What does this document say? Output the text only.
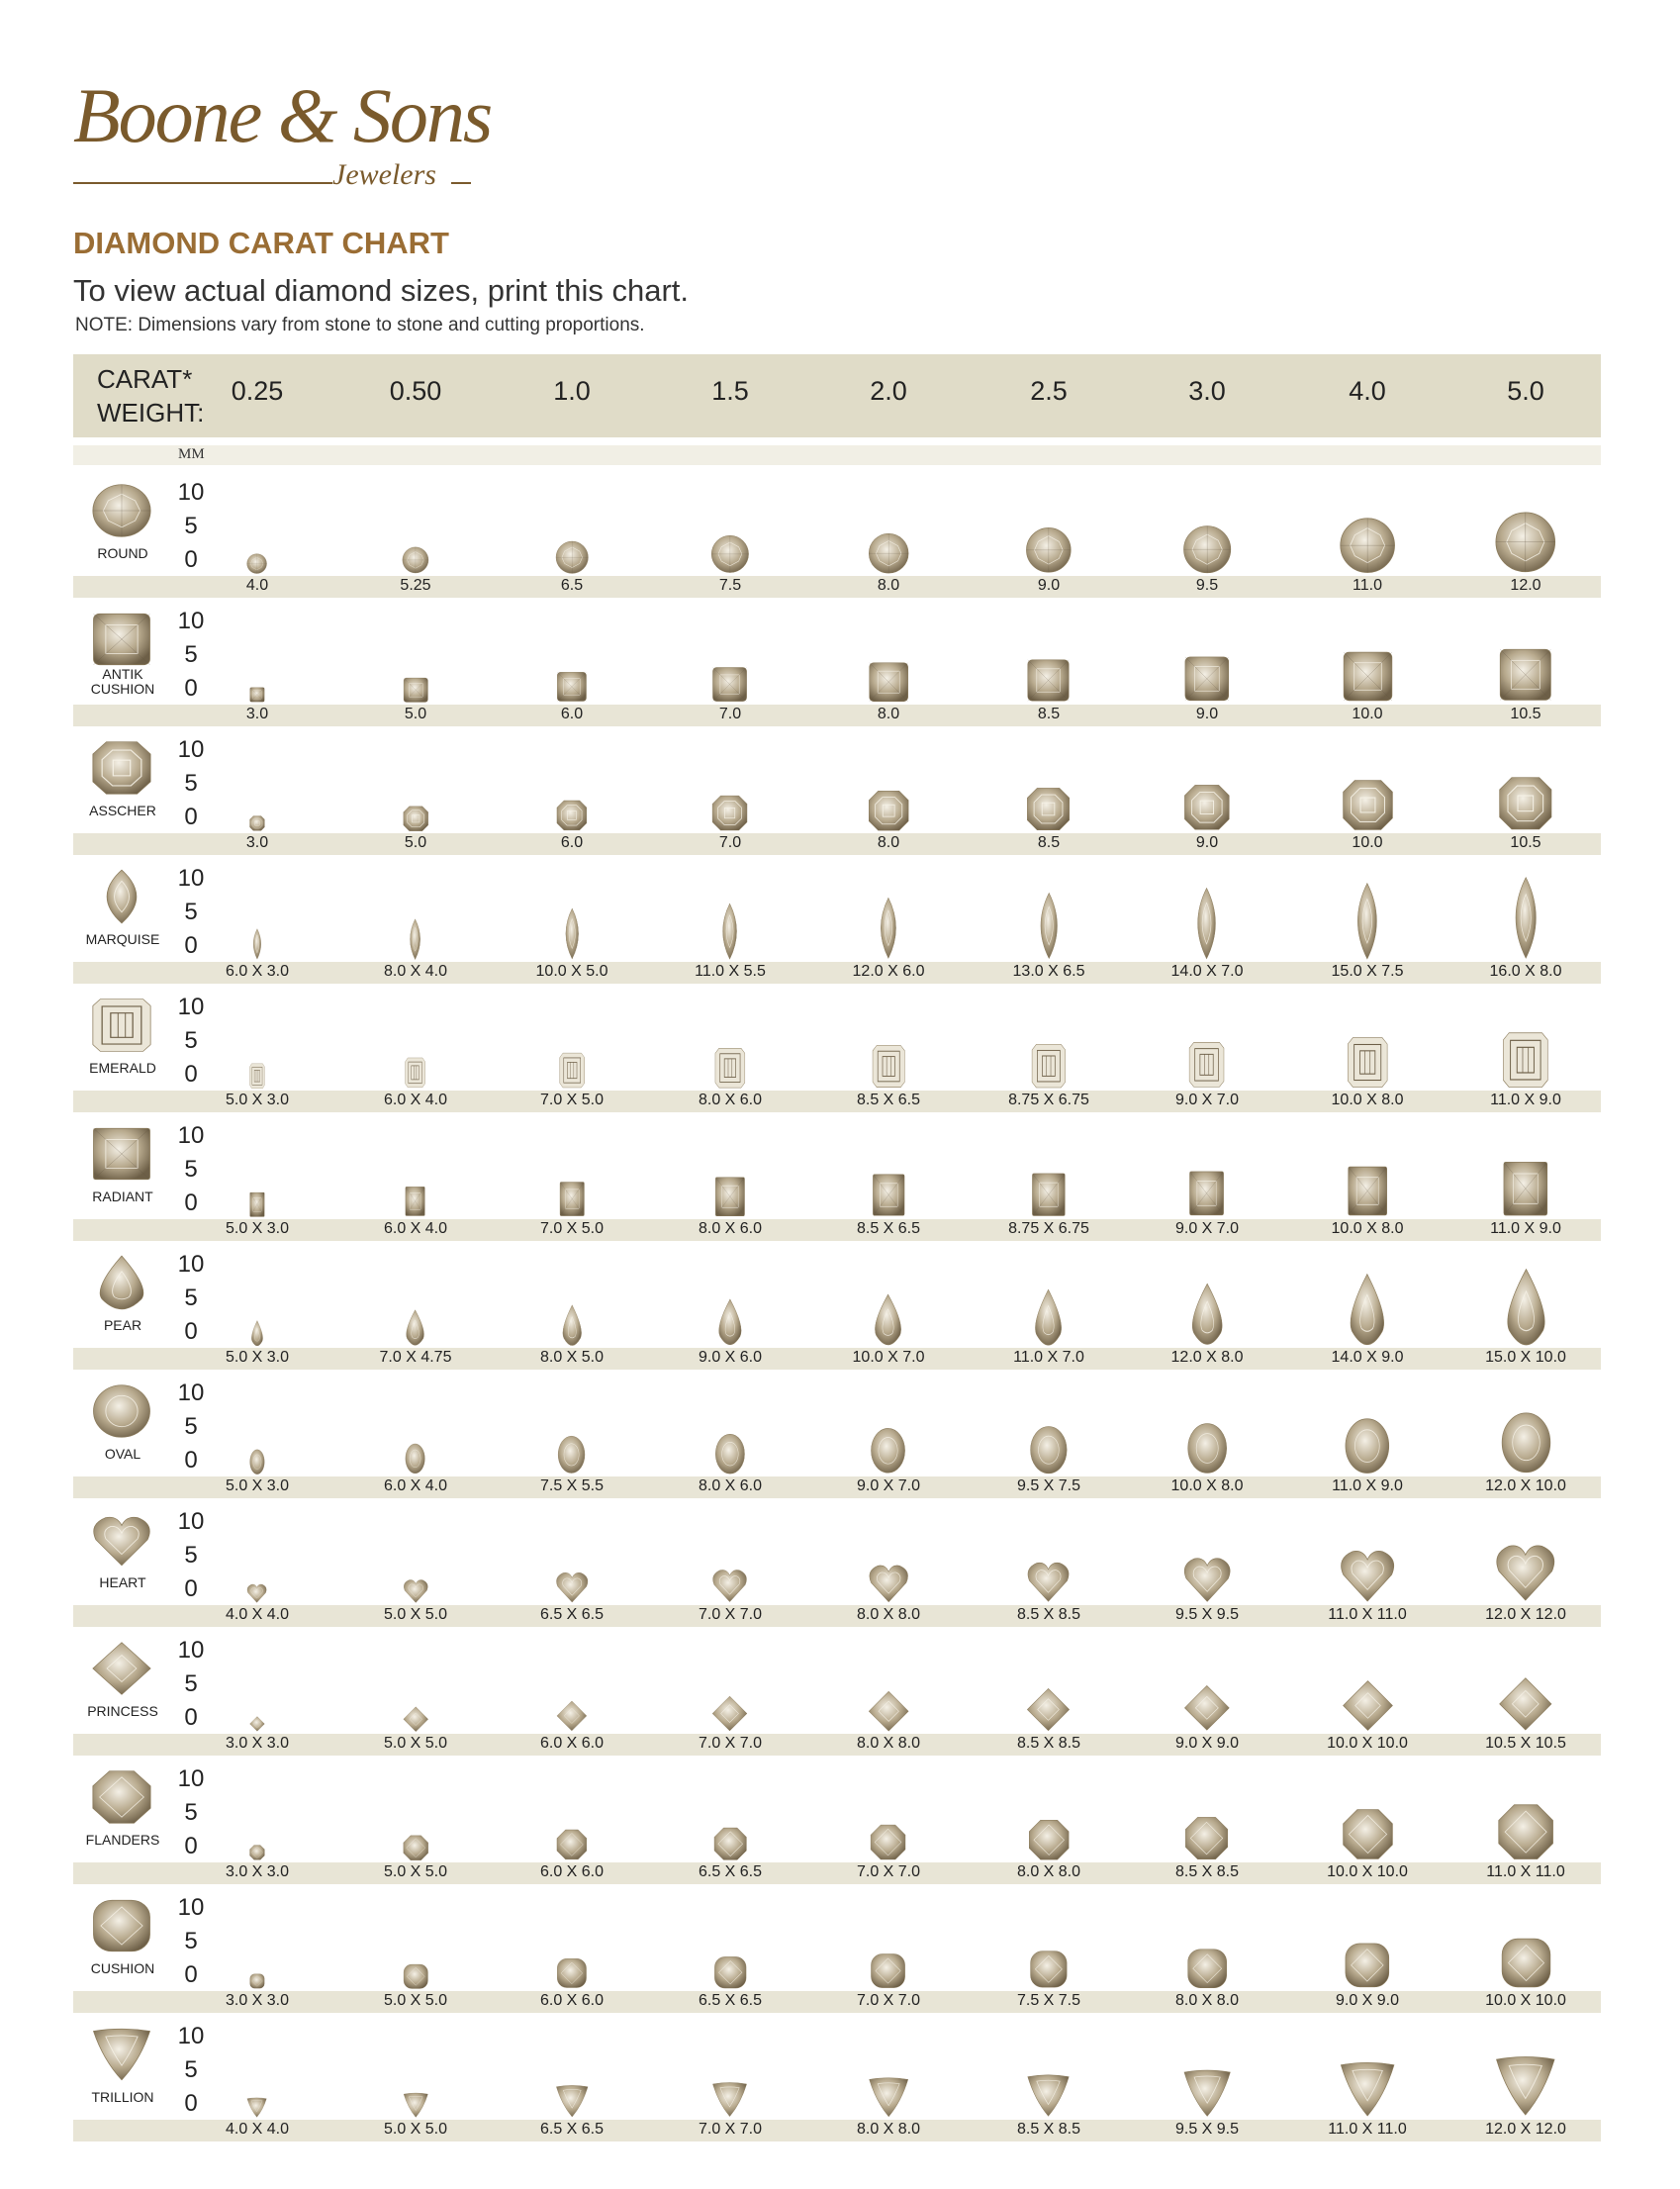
Boone & Sons
Jewelers
DIAMOND CARAT CHART
To view actual diamond sizes, print this chart.
NOTE: Dimensions vary from stone to stone and cutting proportions.
CARAT*
WEIGHT:
0.25	0.50	1.0	1.5	2.0	2.5	3.0	4.0	5.0
MM
ROUND
10
5
0
4.0	5.25	6.5	7.5	8.0	9.0	9.5	11.0	12.0
ANTIK CUSHION
10
5
0
3.0	5.0	6.0	7.0	8.0	8.5	9.0	10.0	10.5
ASSCHER
10
5
0
3.0	5.0	6.0	7.0	8.0	8.5	9.0	10.0	10.5
MARQUISE
10
5
0
6.0 X 3.0	8.0 X 4.0	10.0 X 5.0	11.0 X 5.5	12.0 X 6.0	13.0 X 6.5	14.0 X 7.0	15.0 X 7.5	16.0 X 8.0
EMERALD
10
5
0
5.0 X 3.0	6.0 X 4.0	7.0 X 5.0	8.0 X 6.0	8.5 X 6.5	8.75 X 6.75	9.0 X 7.0	10.0 X 8.0	11.0 X 9.0
RADIANT
10
5
0
5.0 X 3.0	6.0 X 4.0	7.0 X 5.0	8.0 X 6.0	8.5 X 6.5	8.75 X 6.75	9.0 X 7.0	10.0 X 8.0	11.0 X 9.0
PEAR
10
5
0
5.0 X 3.0	7.0 X 4.75	8.0 X 5.0	9.0 X 6.0	10.0 X 7.0	11.0 X 7.0	12.0 X 8.0	14.0 X 9.0	15.0 X 10.0
OVAL
10
5
0
5.0 X 3.0	6.0 X 4.0	7.5 X 5.5	8.0 X 6.0	9.0 X 7.0	9.5 X 7.5	10.0 X 8.0	11.0 X 9.0	12.0 X 10.0
HEART
10
5
0
4.0 X 4.0	5.0 X 5.0	6.5 X 6.5	7.0 X 7.0	8.0 X 8.0	8.5 X 8.5	9.5 X 9.5	11.0 X 11.0	12.0 X 12.0
PRINCESS
10
5
0
3.0 X 3.0	5.0 X 5.0	6.0 X 6.0	7.0 X 7.0	8.0 X 8.0	8.5 X 8.5	9.0 X 9.0	10.0 X 10.0	10.5 X 10.5
FLANDERS
10
5
0
3.0 X 3.0	5.0 X 5.0	6.0 X 6.0	6.5 X 6.5	7.0 X 7.0	8.0 X 8.0	8.5 X 8.5	10.0 X 10.0	11.0 X 11.0
CUSHION
10
5
0
3.0 X 3.0	5.0 X 5.0	6.0 X 6.0	6.5 X 6.5	7.0 X 7.0	7.5 X 7.5	8.0 X 8.0	9.0 X 9.0	10.0 X 10.0
TRILLION
10
5
0
4.0 X 4.0	5.0 X 5.0	6.5 X 6.5	7.0 X 7.0	8.0 X 8.0	8.5 X 8.5	9.5 X 9.5	11.0 X 11.0	12.0 X 12.0
